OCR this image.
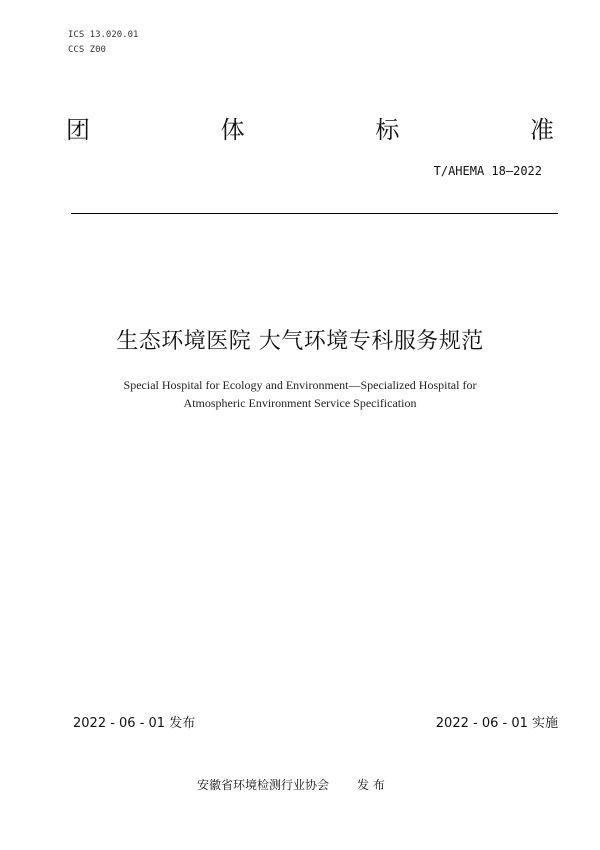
ICS 13.020.01
CCS Z00
团	体	标	准
T/AHEMA 18—2022
生态环境医院 大气环境专科服务规范
Special Hospital for Ecology and Environment—Specialized Hospital for
Atmospheric Environment Service Specification
2022 - 06 - 01 发布	2022 - 06 - 01 实施
安徽省环境检测行业协会 发 布
